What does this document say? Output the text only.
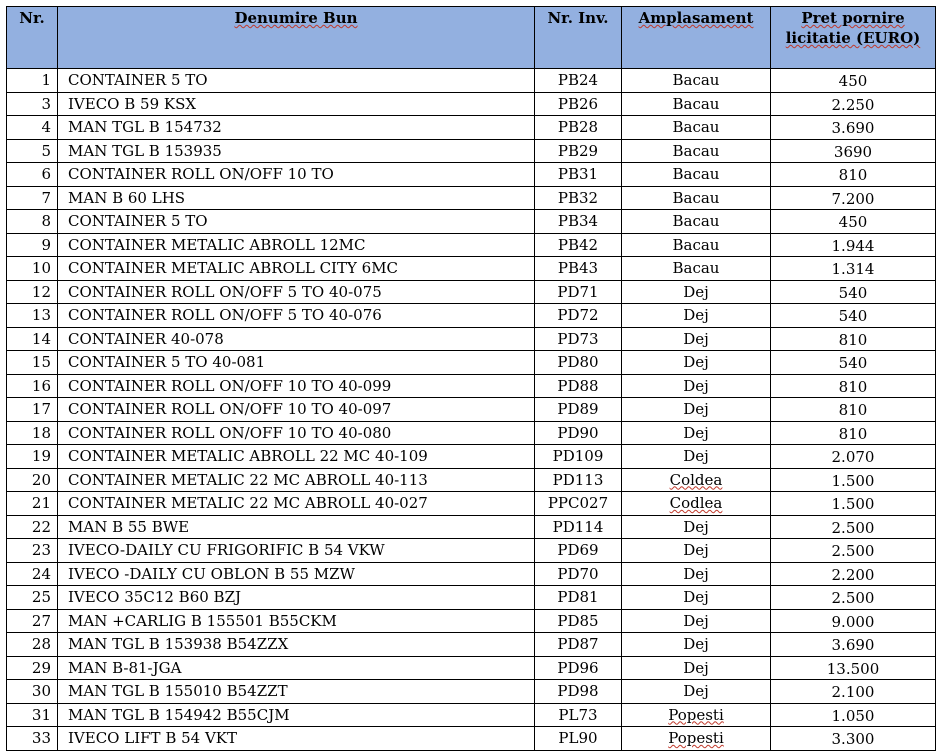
Nr.	Denumire Bun	Nr. Inv.	Amplasament	Pret pornire licitatie (EURO)
1	CONTAINER 5 TO	PB24	Bacau	450
3	IVECO B 59 KSX	PB26	Bacau	2.250
4	MAN TGL B 154732	PB28	Bacau	3.690
5	MAN TGL B 153935	PB29	Bacau	3690
6	CONTAINER ROLL ON/OFF 10 TO	PB31	Bacau	810
7	MAN B 60 LHS	PB32	Bacau	7.200
8	CONTAINER 5 TO	PB34	Bacau	450
9	CONTAINER METALIC ABROLL 12MC	PB42	Bacau	1.944
10	CONTAINER METALIC ABROLL CITY 6MC	PB43	Bacau	1.314
12	CONTAINER ROLL ON/OFF 5 TO 40-075	PD71	Dej	540
13	CONTAINER ROLL ON/OFF 5 TO 40-076	PD72	Dej	540
14	CONTAINER 40-078	PD73	Dej	810
15	CONTAINER 5 TO 40-081	PD80	Dej	540
16	CONTAINER ROLL ON/OFF 10 TO 40-099	PD88	Dej	810
17	CONTAINER ROLL ON/OFF 10 TO 40-097	PD89	Dej	810
18	CONTAINER ROLL ON/OFF 10 TO 40-080	PD90	Dej	810
19	CONTAINER METALIC ABROLL 22 MC 40-109	PD109	Dej	2.070
20	CONTAINER METALIC 22 MC ABROLL 40-113	PD113	Coldea	1.500
21	CONTAINER METALIC 22 MC ABROLL 40-027	PPC027	Codlea	1.500
22	MAN B 55 BWE	PD114	Dej	2.500
23	IVECO-DAILY CU FRIGORIFIC B 54 VKW	PD69	Dej	2.500
24	IVECO -DAILY CU OBLON B 55 MZW	PD70	Dej	2.200
25	IVECO 35C12 B60 BZJ	PD81	Dej	2.500
27	MAN +CARLIG B 155501 B55CKM	PD85	Dej	9.000
28	MAN TGL B 153938 B54ZZX	PD87	Dej	3.690
29	MAN B-81-JGA	PD96	Dej	13.500
30	MAN TGL B 155010 B54ZZT	PD98	Dej	2.100
31	MAN TGL B 154942 B55CJM	PL73	Popesti	1.050
33	IVECO LIFT B 54 VKT	PL90	Popesti	3.300
